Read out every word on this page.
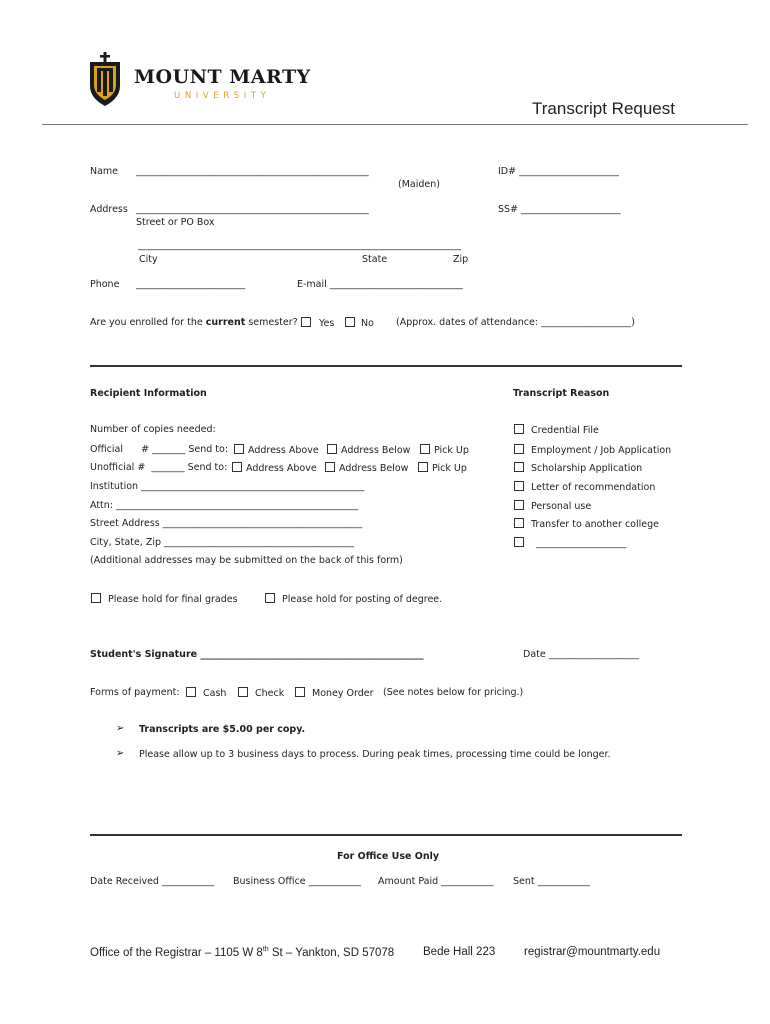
MOUNT MARTY
UNIVERSITY
Transcript Request
Name _________________________________________________
(Maiden)
ID# _____________________
Address _________________________________________________
Street or PO Box
SS# _____________________
____________________________________________________________________
City	State	Zip
Phone _______________________	E-mail ____________________________
Are you enrolled for the current semester?	Yes	No (Approx. dates of attendance: ___________________)
Recipient Information	Transcript Reason
Number of copies needed:
Official      # _______ Send to:	Address Above	Address Below	Pick Up
Unofficial #  _______ Send to:	Address Above	Address Below	Pick Up
Institution _______________________________________________
Attn: ___________________________________________________
Street Address __________________________________________
City, State, Zip ________________________________________
(Additional addresses may be submitted on the back of this form)
Credential File
Employment / Job Application
Scholarship Application
Letter of recommendation
Personal use
Transfer to another college
___________________
Please hold for final grades	Please hold for posting of degree.
Student's Signature _______________________________________________	Date ___________________
Forms of payment:	Cash	Check	Money Order (See notes below for pricing.)
➢ Transcripts are $5.00 per copy.
➢ Please allow up to 3 business days to process. During peak times, processing time could be longer.
For Office Use Only
Date Received ___________ Business Office ___________ Amount Paid ___________ Sent ___________
Office of the Registrar – 1105 W 8th St – Yankton, SD 57078	Bede Hall 223	registrar@mountmarty.edu
